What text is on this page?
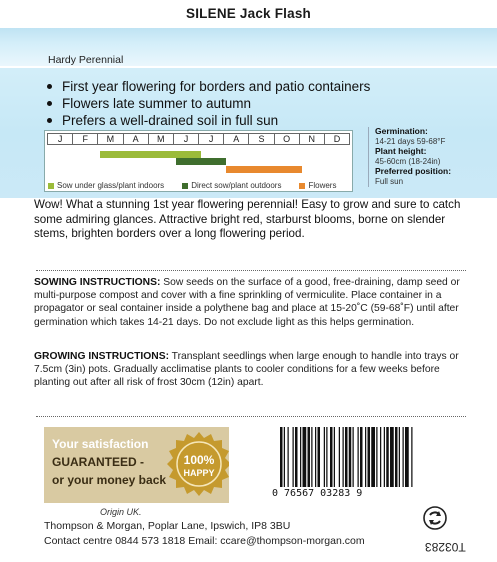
SILENE Jack Flash
Hardy Perennial
First year flowering for borders and patio containers
Flowers late summer to autumn
Prefers a well-drained soil in full sun
J	F	M	A	M	J	J	A	S	O	N	D
Sow under glass/plant indoors	Direct sow/plant outdoors	Flowers
Germination:
14-21 days 59-68°F
Plant height:
45-60cm (18-24in)
Preferred position:
Full sun
Wow! What a stunning 1st year flowering perennial! Easy to grow and sure to catch some admiring glances. Attractive bright red, starburst blooms, borne on slender stems, brighten borders over a long flowering period.
SOWING INSTRUCTIONS: Sow seeds on the surface of a good, free-draining, damp seed or multi-purpose compost and cover with a fine sprinkling of vermiculite. Place container in a propagator or seal container inside a polythene bag and place at 15-20˚C (59-68˚F) until after germination which takes 14-21 days. Do not exclude light as this helps germination.
GROWING INSTRUCTIONS: Transplant seedlings when large enough to handle into trays or 7.5cm (3in) pots. Gradually acclimatise plants to cooler conditions for a few weeks before planting out after all risk of frost 30cm (12in) apart.
Your satisfaction
GUARANTEED -
or your money back
100%
HAPPY
0 76567 03283 9
Origin UK.
Thompson & Morgan, Poplar Lane, Ipswich, IP8 3BU
Contact centre 0844 573 1818 Email: ccare@thompson-morgan.com	T03283
